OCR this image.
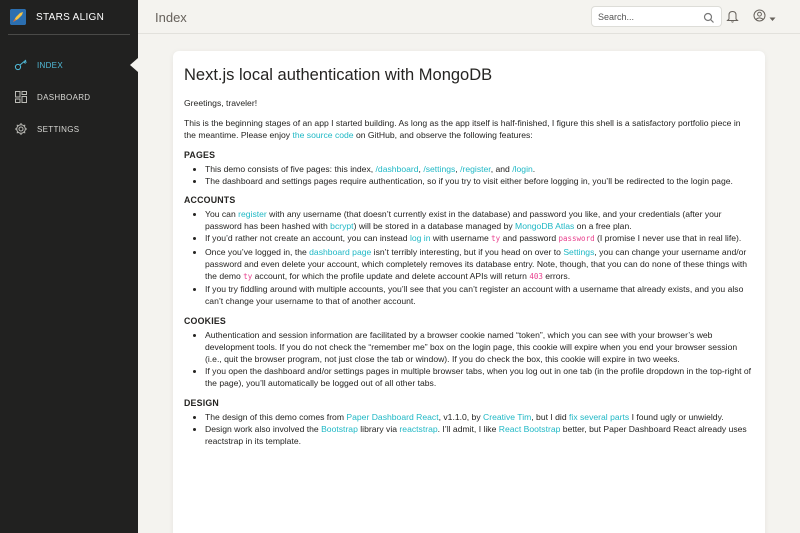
STARS ALIGN
INDEX
DASHBOARD
SETTINGS
Index
Search...
Next.js local authentication with MongoDB

Greetings, traveler!

This is the beginning stages of an app I started building. As long as the app itself is half-finished, I figure this shell is a satisfactory portfolio piece in the meantime. Please enjoy the source code on GitHub, and observe the following features:

PAGES
• This demo consists of five pages: this index, /dashboard, /settings, /register, and /login.
• The dashboard and settings pages require authentication, so if you try to visit either before logging in, you’ll be redirected to the login page.
ACCOUNTS
• You can register with any username (that doesn’t currently exist in the database) and password you like, and your credentials (after your password has been hashed with bcrypt) will be stored in a database managed by MongoDB Atlas on a free plan.
• If you’d rather not create an account, you can instead log in with username ty and password password (I promise I never use that in real life).
• Once you’ve logged in, the dashboard page isn’t terribly interesting, but if you head on over to Settings, you can change your username and/or password and even delete your account, which completely removes its database entry. Note, though, that you can do none of these things with the demo ty account, for which the profile update and delete account APIs will return 403 errors.
• If you try fiddling around with multiple accounts, you’ll see that you can’t register an account with a username that already exists, and you also can’t change your username to that of another account.
COOKIES
• Authentication and session information are facilitated by a browser cookie named “token”, which you can see with your browser’s web development tools. If you do not check the “remember me” box on the login page, this cookie will expire when you end your browser session (i.e., quit the browser program, not just close the tab or window). If you do check the box, this cookie will expire in two weeks.
• If you open the dashboard and/or settings pages in multiple browser tabs, when you log out in one tab (in the profile dropdown in the top-right of the page), you’ll automatically be logged out of all other tabs.
DESIGN
• The design of this demo comes from Paper Dashboard React, v1.1.0, by Creative Tim, but I did fix several parts I found ugly or unwieldy.
• Design work also involved the Bootstrap library via reactstrap. I’ll admit, I like React Bootstrap better, but Paper Dashboard React already uses reactstrap in its template.
